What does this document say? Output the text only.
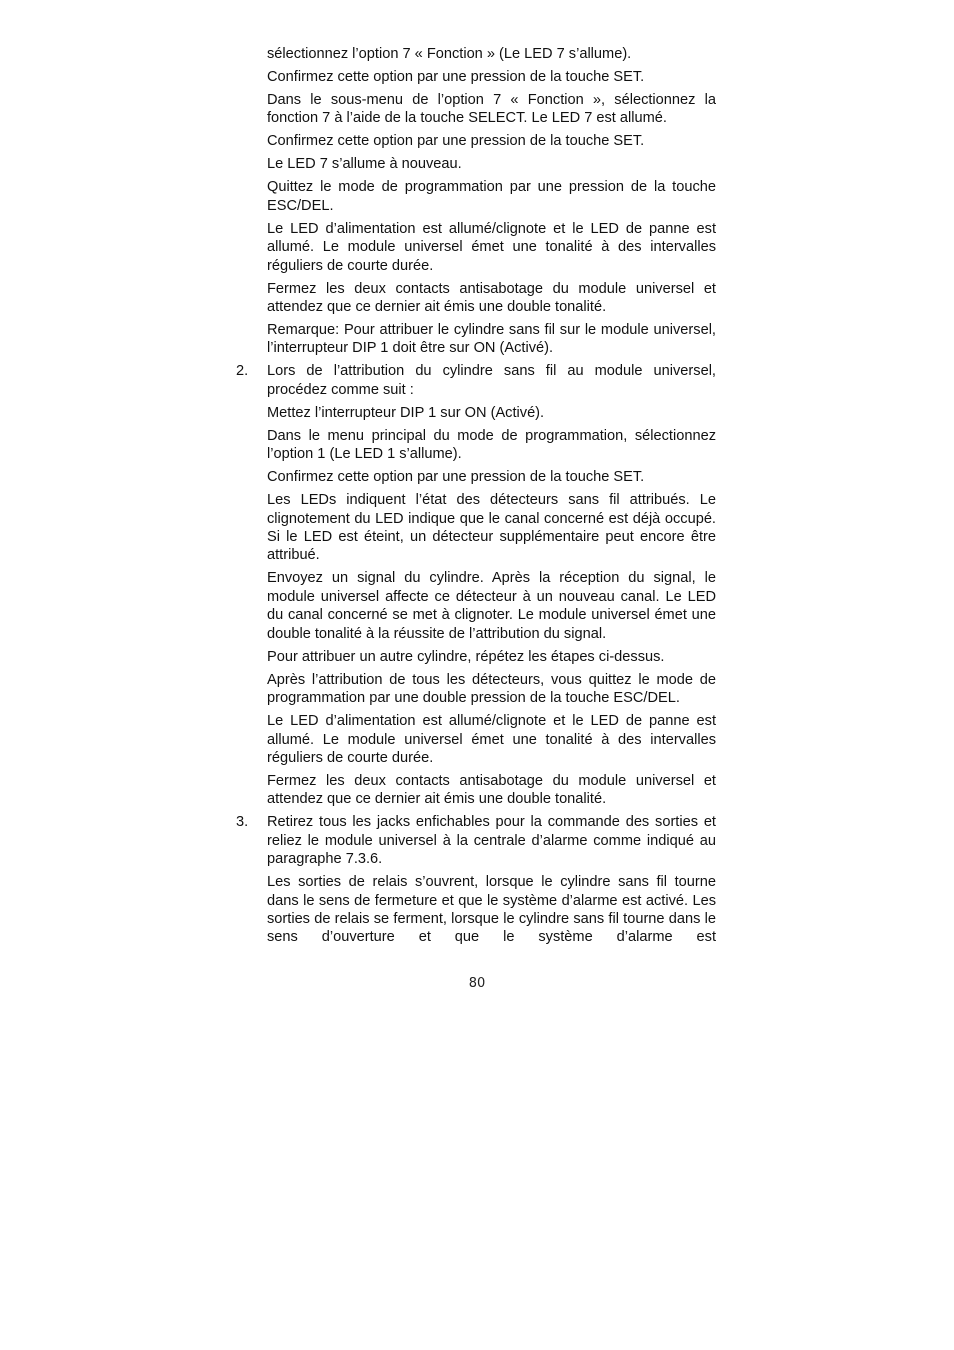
sélectionnez l’option 7 « Fonction » (Le LED 7 s’allume).

Confirmez cette option par une pression de la touche SET.

Dans le sous-menu de l’option 7 « Fonction », sélectionnez la fonction 7 à l’aide de la touche SELECT. Le LED 7 est allumé.

Confirmez cette option par une pression de la touche SET.

Le LED 7 s’allume à nouveau.

Quittez le mode de programmation par une pression de la touche ESC/DEL.

Le LED d’alimentation est allumé/clignote et le LED de panne est allumé. Le module universel émet une tonalité à des intervalles réguliers de courte durée.

Fermez les deux contacts antisabotage du module universel et attendez que ce dernier ait émis une double tonalité.

Remarque: Pour attribuer le cylindre sans fil sur le module universel, l’interrupteur DIP 1 doit être sur ON (Activé).

2. Lors de l’attribution du cylindre sans fil au module universel, procédez comme suit :

Mettez l’interrupteur DIP 1 sur ON (Activé).

Dans le menu principal du mode de programmation, sélectionnez l’option 1 (Le LED 1 s’allume).

Confirmez cette option par une pression de la touche SET.

Les LEDs indiquent l’état des détecteurs sans fil attribués. Le clignotement du LED indique que le canal concerné est déjà occupé. Si le LED est éteint, un détecteur supplémentaire peut encore être attribué.

Envoyez un signal du cylindre. Après la réception du signal, le module universel affecte ce détecteur à un nouveau canal. Le LED du canal concerné se met à clignoter. Le module universel émet une double tonalité à la réussite de l’attribution du signal.

Pour attribuer un autre cylindre, répétez les étapes ci-dessus.

Après l’attribution de tous les détecteurs, vous quittez le mode de programmation par une double pression de la touche ESC/DEL.

Le LED d’alimentation est allumé/clignote et le LED de panne est allumé. Le module universel émet une tonalité à des intervalles réguliers de courte durée.

Fermez les deux contacts antisabotage du module universel et attendez que ce dernier ait émis une double tonalité.

3. Retirez tous les jacks enfichables pour la commande des sorties et reliez le module universel à la centrale d’alarme comme indiqué au paragraphe 7.3.6.

Les sorties de relais s’ouvrent, lorsque le cylindre sans fil tourne dans le sens de fermeture et que le système d’alarme est activé. Les sorties de relais se ferment, lorsque le cylindre sans fil tourne dans le sens d’ouverture et que le système d’alarme est

80
